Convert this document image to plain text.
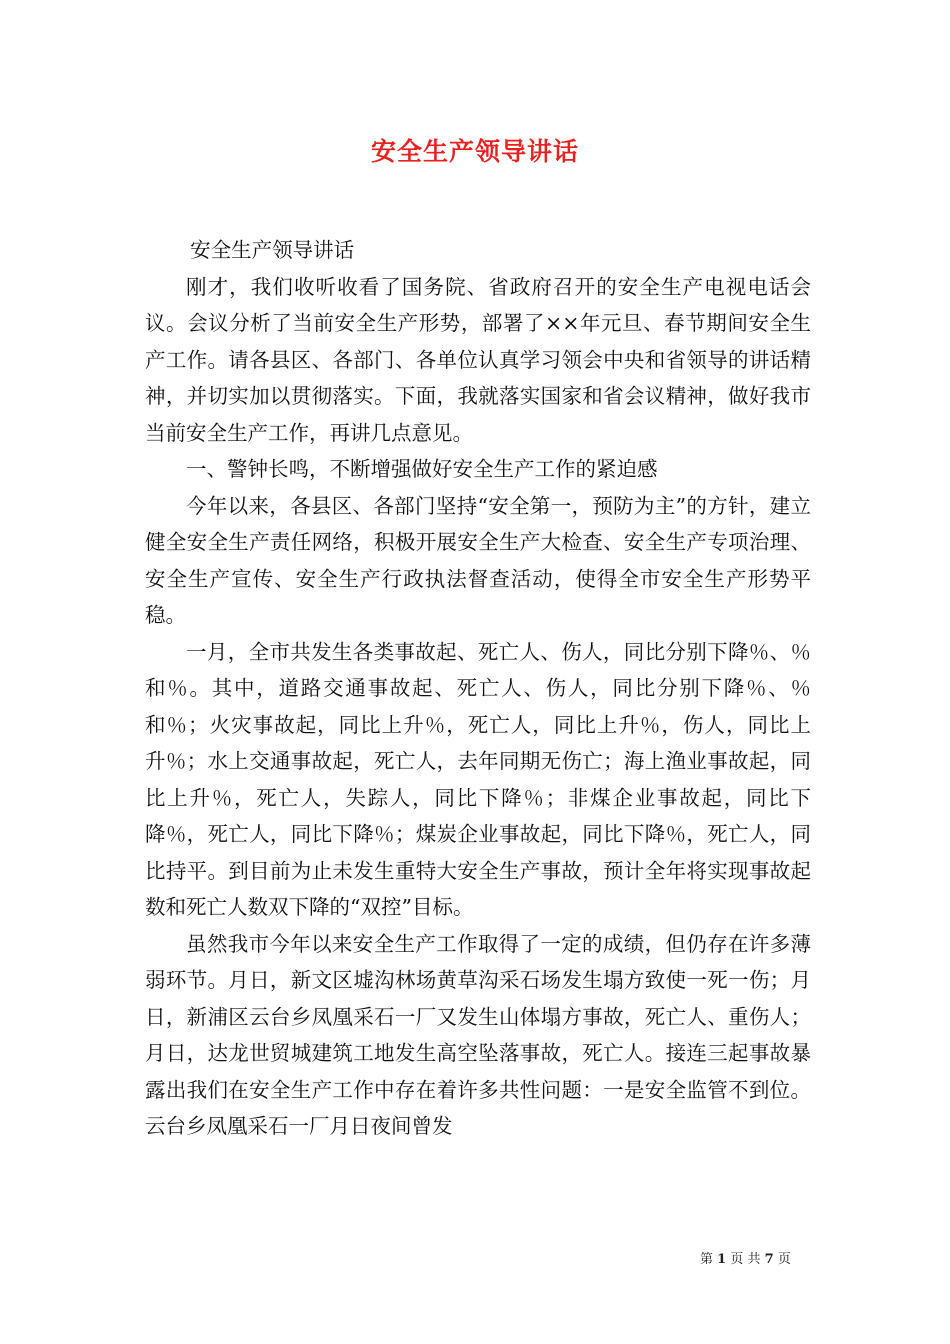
安全生产领导讲话

安全生产领导讲话

刚才，我们收听收看了国务院、省政府召开的安全生产电视电话会议。会议分析了当前安全生产形势，部署了××年元旦、春节期间安全生产工作。请各县区、各部门、各单位认真学习领会中央和省领导的讲话精神，并切实加以贯彻落实。下面，我就落实国家和省会议精神，做好我市当前安全生产工作，再讲几点意见。

一、警钟长鸣，不断增强做好安全生产工作的紧迫感

今年以来，各县区、各部门坚持“安全第一，预防为主”的方针，建立健全安全生产责任网络，积极开展安全生产大检查、安全生产专项治理、安全生产宣传、安全生产行政执法督查活动，使得全市安全生产形势平稳。

一月，全市共发生各类事故起、死亡人、伤人，同比分别下降％、％和％。其中，道路交通事故起、死亡人、伤人，同比分别下降％、％和％；火灾事故起，同比上升％，死亡人，同比上升％，伤人，同比上升％；水上交通事故起，死亡人，去年同期无伤亡；海上渔业事故起，同比上升％，死亡人，失踪人，同比下降％；非煤企业事故起，同比下降％，死亡人，同比下降％；煤炭企业事故起，同比下降％，死亡人，同比持平。到目前为止未发生重特大安全生产事故，预计全年将实现事故起数和死亡人数双下降的“双控”目标。

虽然我市今年以来安全生产工作取得了一定的成绩，但仍存在许多薄弱环节。月日，新文区墟沟林场黄草沟采石场发生塌方致使一死一伤；月日，新浦区云台乡凤凰采石一厂又发生山体塌方事故，死亡人、重伤人；月日，达龙世贸城建筑工地发生高空坠落事故，死亡人。接连三起事故暴露出我们在安全生产工作中存在着许多共性问题：一是安全监管不到位。云台乡凤凰采石一厂月日夜间曾发

第 1 页 共 7 页
